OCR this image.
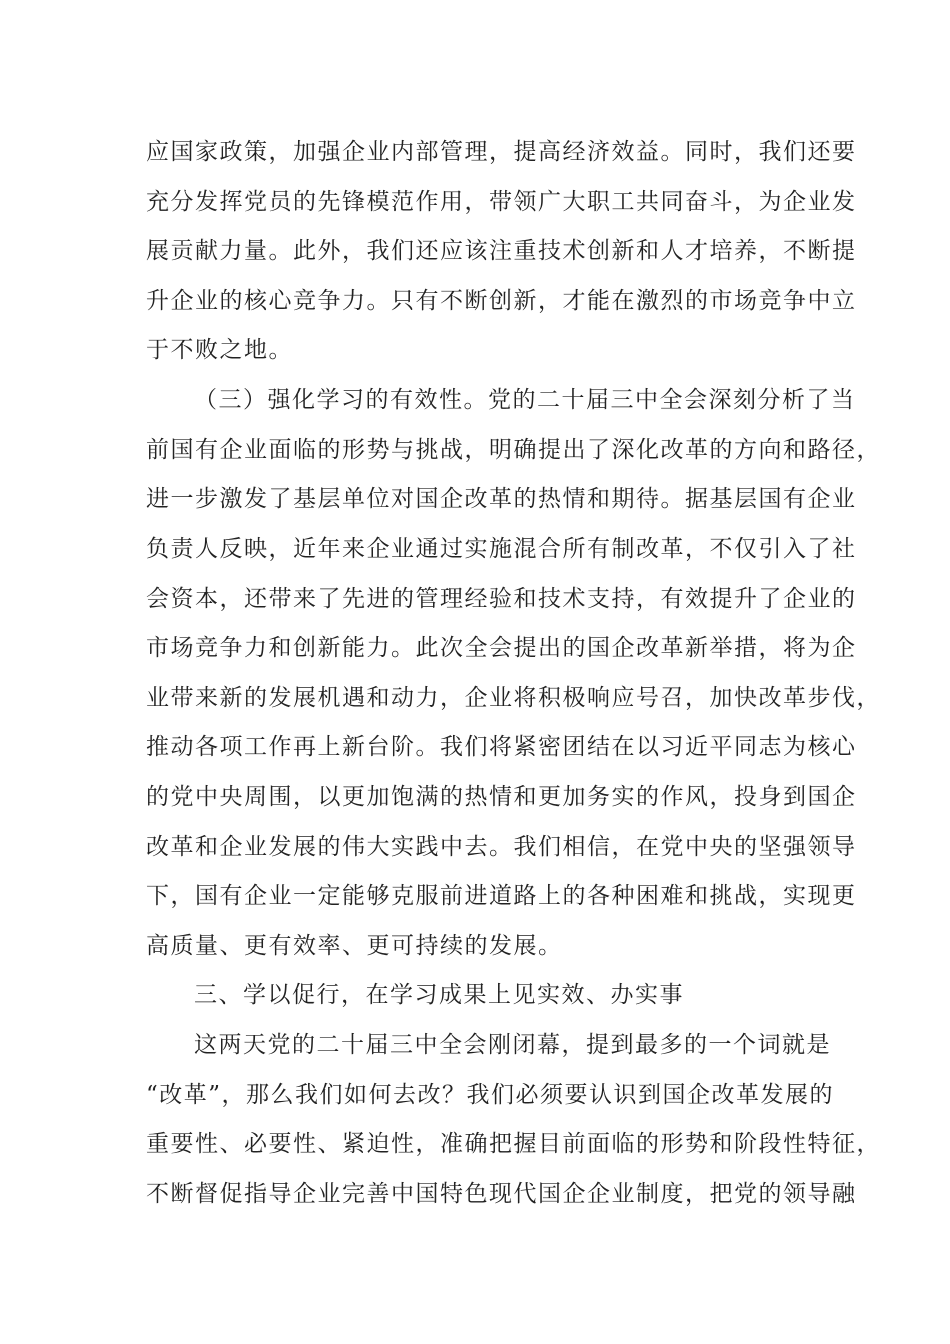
应国家政策，加强企业内部管理，提高经济效益。同时，我们还要
充分发挥党员的先锋模范作用，带领广大职工共同奋斗，为企业发
展贡献力量。此外，我们还应该注重技术创新和人才培养，不断提
升企业的核心竞争力。只有不断创新，才能在激烈的市场竞争中立
于不败之地。
（三）强化学习的有效性。党的二十届三中全会深刻分析了当
前国有企业面临的形势与挑战，明确提出了深化改革的方向和路径，
进一步激发了基层单位对国企改革的热情和期待。据基层国有企业
负责人反映，近年来企业通过实施混合所有制改革，不仅引入了社
会资本，还带来了先进的管理经验和技术支持，有效提升了企业的
市场竞争力和创新能力。此次全会提出的国企改革新举措，将为企
业带来新的发展机遇和动力，企业将积极响应号召，加快改革步伐，
推动各项工作再上新台阶。我们将紧密团结在以习近平同志为核心
的党中央周围，以更加饱满的热情和更加务实的作风，投身到国企
改革和企业发展的伟大实践中去。我们相信，在党中央的坚强领导
下，国有企业一定能够克服前进道路上的各种困难和挑战，实现更
高质量、更有效率、更可持续的发展。
三、学以促行，在学习成果上见实效、办实事
这两天党的二十届三中全会刚闭幕，提到最多的一个词就是
“改革”，那么我们如何去改？我们必须要认识到国企改革发展的
重要性、必要性、紧迫性，准确把握目前面临的形势和阶段性特征，
不断督促指导企业完善中国特色现代国企企业制度，把党的领导融
